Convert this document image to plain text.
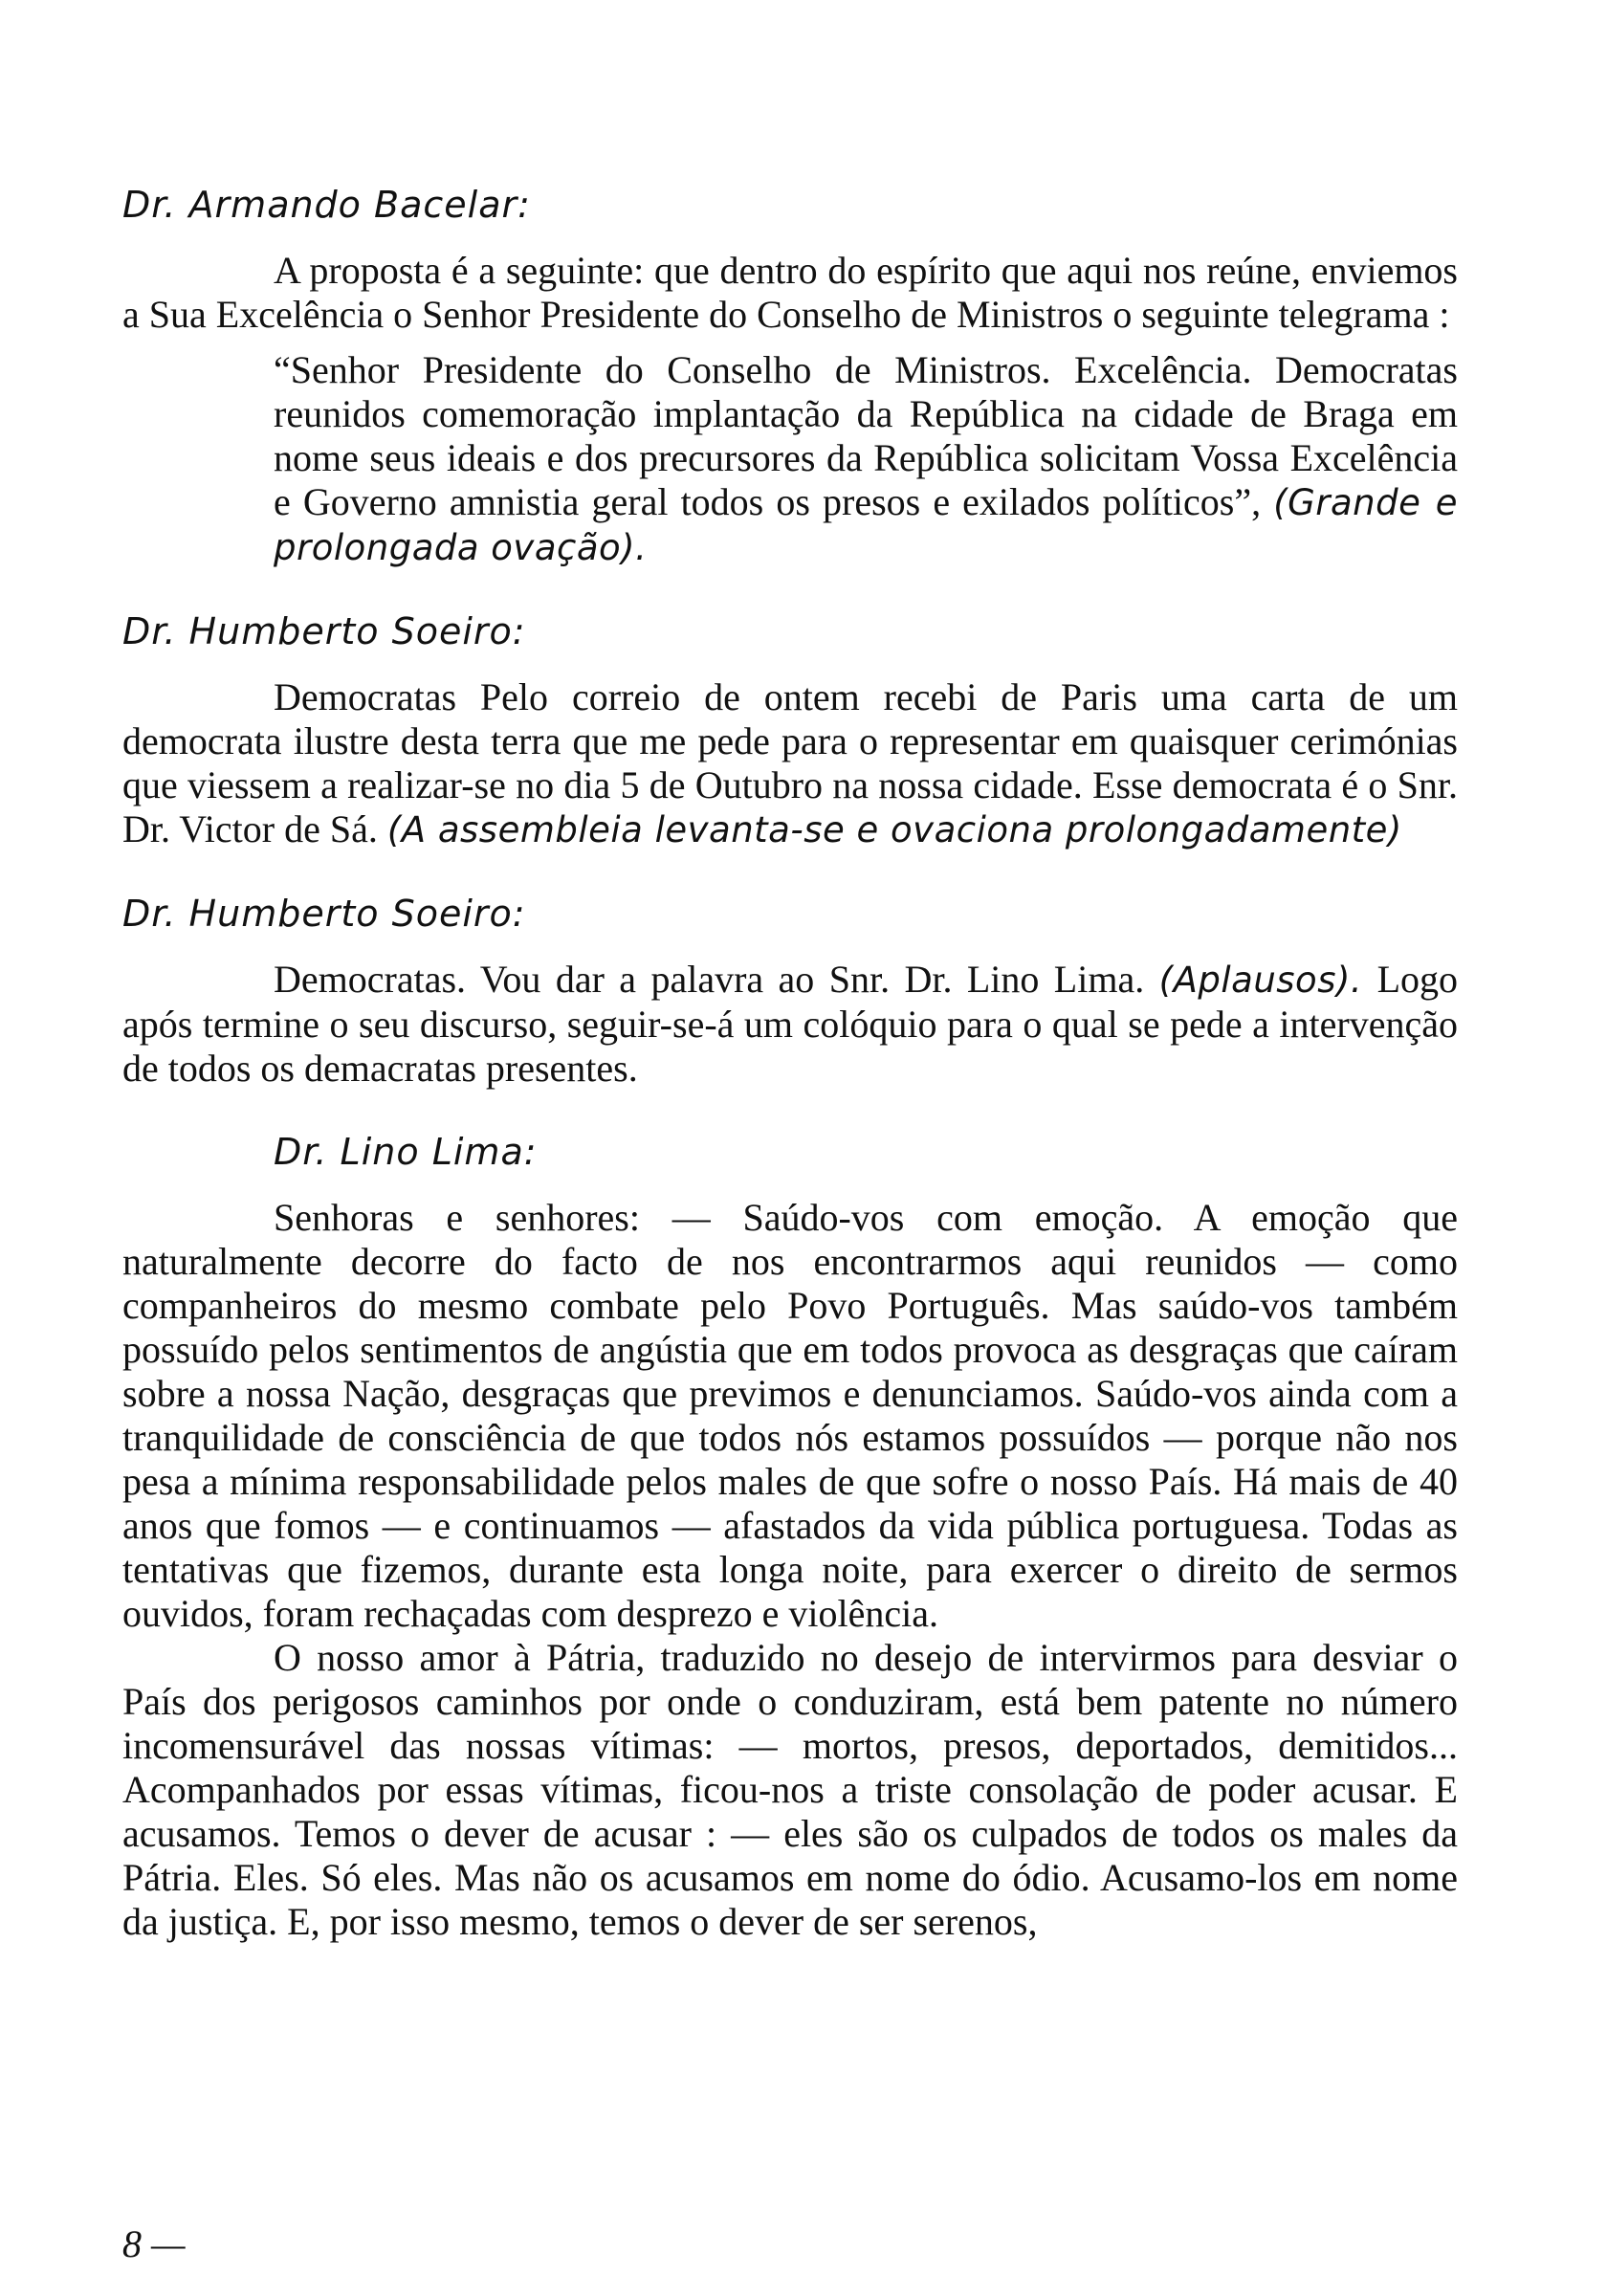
Dr. Armando Bacelar:

A proposta é a seguinte: que dentro do espírito que aqui nos reúne, enviemos a Sua Excelência o Senhor Presidente do Conselho de Ministros o seguinte telegrama :

“Senhor Presidente do Conselho de Ministros. Excelência. Democratas reunidos comemoração implantação da República na cidade de Braga em nome seus ideais e dos precursores da República solicitam Vossa Excelência e Governo amnistia geral todos os presos e exilados políticos”, (Grande e prolongada ovação).

Dr. Humberto Soeiro:

Democratas Pelo correio de ontem recebi de Paris uma carta de um democrata ilustre desta terra que me pede para o representar em quaisquer cerimónias que viessem a realizar-se no dia 5 de Outubro na nossa cidade. Esse democrata é o Snr. Dr. Victor de Sá. (A assembleia levanta-se e ovaciona prolongadamente)

Dr. Humberto Soeiro:

Democratas. Vou dar a palavra ao Snr. Dr. Lino Lima. (Aplausos). Logo após termine o seu discurso, seguir-se-á um colóquio para o qual se pede a intervenção de todos os demacratas presentes.

Dr. Lino Lima:

Senhoras e senhores: — Saúdo-vos com emoção. A emoção que naturalmente decorre do facto de nos encontrarmos aqui reunidos — como companheiros do mesmo combate pelo Povo Português. Mas saúdo-vos também possuído pelos sentimentos de angústia que em todos provoca as desgraças que caíram sobre a nossa Nação, desgraças que previmos e denunciamos. Saúdo-vos ainda com a tranquilidade de consciência de que todos nós estamos possuídos — porque não nos pesa a mínima responsabilidade pelos males de que sofre o nosso País. Há mais de 40 anos que fomos — e continuamos — afastados da vida pública portuguesa. Todas as tentativas que fizemos, durante esta longa noite, para exercer o direito de sermos ouvidos, foram rechaçadas com desprezo e violência.

O nosso amor à Pátria, traduzido no desejo de intervirmos para desviar o País dos perigosos caminhos por onde o conduziram, está bem patente no número incomensurável das nossas vítimas: — mortos, presos, deportados, demitidos... Acompanhados por essas vítimas, ficou-nos a triste consolação de poder acusar. E acusamos. Temos o dever de acusar : — eles são os culpados de todos os males da Pátria. Eles. Só eles. Mas não os acusamos em nome do ódio. Acusamo-los em nome da justiça. E, por isso mesmo, temos o dever de ser serenos,

8 —
